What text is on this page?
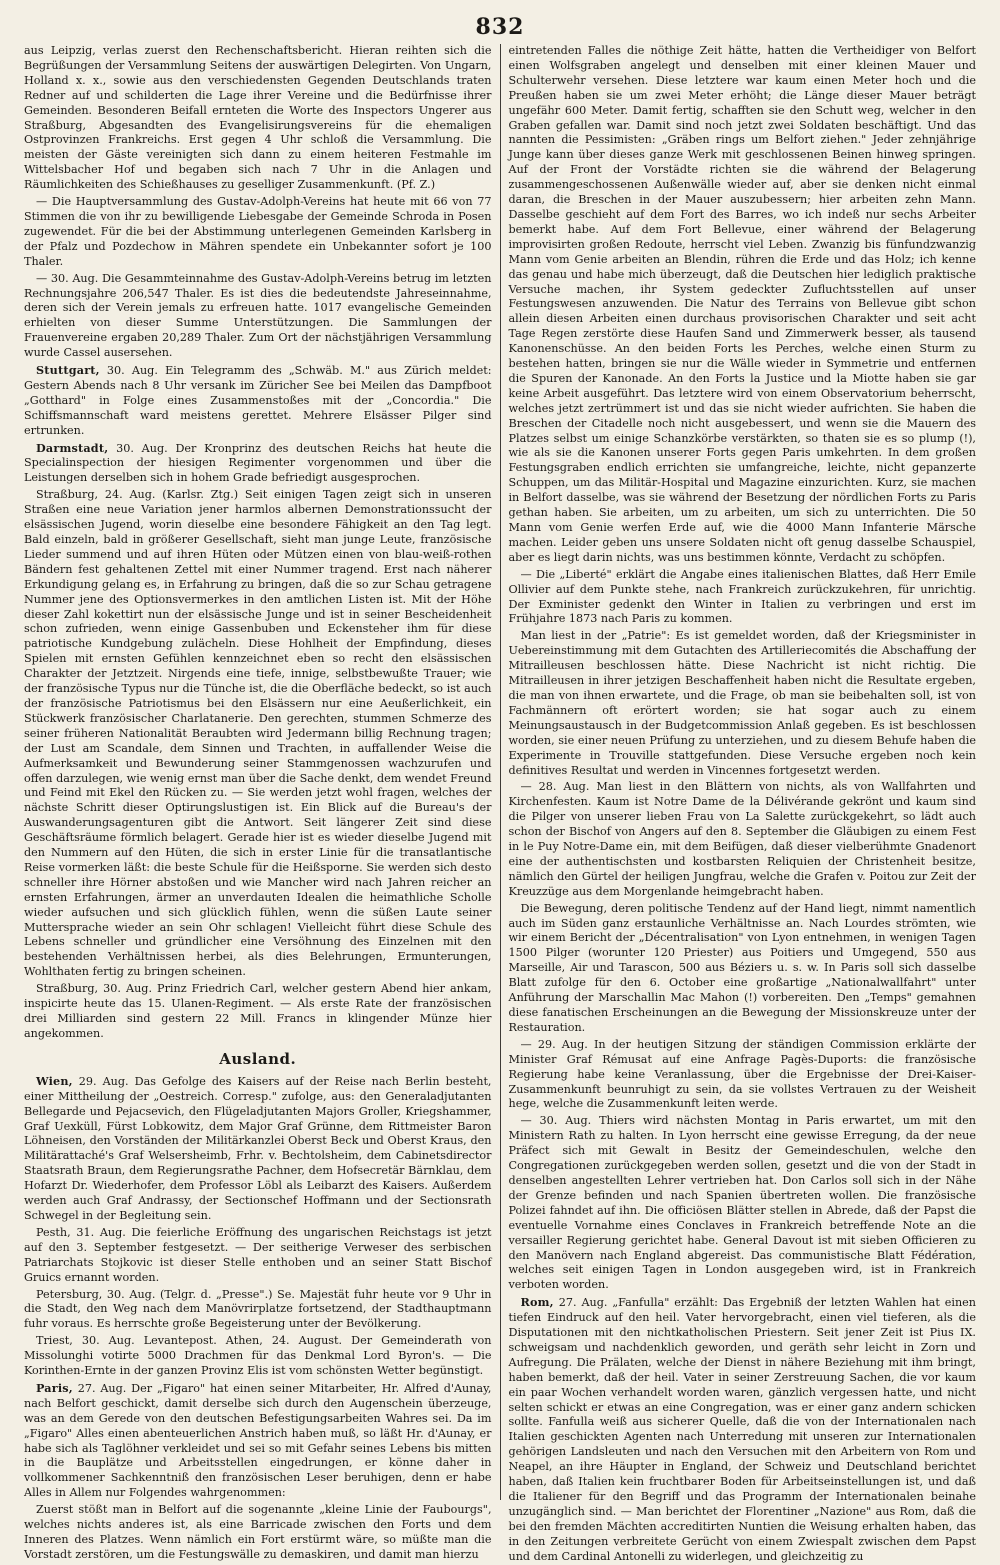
832

aus Leipzig, verlas zuerst den Rechenschaftsbericht. Hieran reihten sich die Begrüßungen der Versammlung Seitens der auswärtigen Delegirten. Von Ungarn, Holland x. x., sowie aus den verschiedensten Gegenden Deutschlands traten Redner auf und schilderten die Lage ihrer Vereine und die Bedürfnisse ihrer Gemeinden. Besonderen Beifall ernteten die Worte des Inspectors Ungerer aus Straßburg, Abgesandten des Evangelisirungsvereins für die ehemaligen Ostprovinzen Frankreichs. Erst gegen 4 Uhr schloß die Versammlung. Die meisten der Gäste vereinigten sich dann zu einem heiteren Festmahle im Wittelsbacher Hof und begaben sich nach 7 Uhr in die Anlagen und Räumlichkeiten des Schießhauses zu geselliger Zusammenkunft. (Pf. Z.)

— Die Hauptversammlung des Gustav-Adolph-Vereins hat heute mit 66 von 77 Stimmen die von ihr zu bewilligende Liebesgabe der Gemeinde Schroda in Posen zugewendet. Für die bei der Abstimmung unterlegenen Gemeinden Karlsberg in der Pfalz und Pozdechow in Mähren spendete ein Unbekannter sofort je 100 Thaler.

— 30. Aug. Die Gesammteinnahme des Gustav-Adolph-Vereins betrug im letzten Rechnungsjahre 206,547 Thaler. Es ist dies die bedeutendste Jahreseinnahme, deren sich der Verein jemals zu erfreuen hatte. 1017 evangelische Gemeinden erhielten von dieser Summe Unterstützungen. Die Sammlungen der Frauenvereine ergaben 20,289 Thaler. Zum Ort der nächstjährigen Versammlung wurde Cassel ausersehen.

Stuttgart, 30. Aug. Ein Telegramm des „Schwäb. M." aus Zürich meldet: Gestern Abends nach 8 Uhr versank im Züricher See bei Meilen das Dampfboot „Gotthard" in Folge eines Zusammenstoßes mit der „Concordia." Die Schiffsmannschaft ward meistens gerettet. Mehrere Elsässer Pilger sind ertrunken.

Darmstadt, 30. Aug. Der Kronprinz des deutschen Reichs hat heute die Specialinspection der hiesigen Regimenter vorgenommen und über die Leistungen derselben sich in hohem Grade befriedigt ausgesprochen.

Straßburg, 24. Aug. (Karlsr. Ztg.) Seit einigen Tagen zeigt sich in unseren Straßen eine neue Variation jener harmlos albernen Demonstrationssucht der elsässischen Jugend, worin dieselbe eine besondere Fähigkeit an den Tag legt. Bald einzeln, bald in größerer Gesellschaft, sieht man junge Leute, französische Lieder summend und auf ihren Hüten oder Mützen einen von blau-weiß-rothen Bändern fest gehaltenen Zettel mit einer Nummer tragend. Erst nach näherer Erkundigung gelang es, in Erfahrung zu bringen, daß die so zur Schau getragene Nummer jene des Optionsvermerkes in den amtlichen Listen ist. Mit der Höhe dieser Zahl kokettirt nun der elsässische Junge und ist in seiner Bescheidenheit schon zufrieden, wenn einige Gassenbuben und Eckensteher ihm für diese patriotische Kundgebung zulächeln. Diese Hohlheit der Empfindung, dieses Spielen mit ernsten Gefühlen kennzeichnet eben so recht den elsässischen Charakter der Jetztzeit. Nirgends eine tiefe, innige, selbstbewußte Trauer; wie der französische Typus nur die Tünche ist, die die Oberfläche bedeckt, so ist auch der französische Patriotismus bei den Elsässern nur eine Aeußerlichkeit, ein Stückwerk französischer Charlatanerie. Den gerechten, stummen Schmerze des seiner früheren Nationalität Beraubten wird Jedermann billig Rechnung tragen; der Lust am Scandale, dem Sinnen und Trachten, in auffallender Weise die Aufmerksamkeit und Bewunderung seiner Stammgenossen wachzurufen und offen darzulegen, wie wenig ernst man über die Sache denkt, dem wendet Freund und Feind mit Ekel den Rücken zu. — Sie werden jetzt wohl fragen, welches der nächste Schritt dieser Optirungslustigen ist. Ein Blick auf die Bureau's der Auswanderungsagenturen gibt die Antwort. Seit längerer Zeit sind diese Geschäftsräume förmlich belagert. Gerade hier ist es wieder dieselbe Jugend mit den Nummern auf den Hüten, die sich in erster Linie für die transatlantische Reise vormerken läßt: die beste Schule für die Heißsporne. Sie werden sich desto schneller ihre Hörner abstoßen und wie Mancher wird nach Jahren reicher an ernsten Erfahrungen, ärmer an unverdauten Idealen die heimathliche Scholle wieder aufsuchen und sich glücklich fühlen, wenn die süßen Laute seiner Muttersprache wieder an sein Ohr schlagen! Vielleicht führt diese Schule des Lebens schneller und gründlicher eine Versöhnung des Einzelnen mit den bestehenden Verhältnissen herbei, als dies Belehrungen, Ermunterungen, Wohlthaten fertig zu bringen scheinen.

Straßburg, 30. Aug. Prinz Friedrich Carl, welcher gestern Abend hier ankam, inspicirte heute das 15. Ulanen-Regiment. — Als erste Rate der französischen drei Milliarden sind gestern 22 Mill. Francs in klingender Münze hier angekommen.

Ausland.

Wien, 29. Aug. Das Gefolge des Kaisers auf der Reise nach Berlin besteht, einer Mittheilung der „Oestreich. Corresp." zufolge, aus: den Generaladjutanten Bellegarde und Pejacsevich, den Flügeladjutanten Majors Groller, Kriegshammer, Graf Uexküll, Fürst Lobkowitz, dem Major Graf Grünne, dem Rittmeister Baron Löhneisen, den Vorständen der Militärkanzlei Oberst Beck und Oberst Kraus, den Militärattaché's Graf Welsersheimb, Frhr. v. Bechtolsheim, dem Cabinetsdirector Staatsrath Braun, dem Regierungsrathe Pachner, dem Hofsecretär Bärnklau, dem Hofarzt Dr. Wiederhofer, dem Professor Löbl als Leibarzt des Kaisers. Außerdem werden auch Graf Andrassy, der Sectionschef Hoffmann und der Sectionsrath Schwegel in der Begleitung sein.

Pesth, 31. Aug. Die feierliche Eröffnung des ungarischen Reichstags ist jetzt auf den 3. September festgesetzt. — Der seitherige Verweser des serbischen Patriarchats Stojkovic ist dieser Stelle enthoben und an seiner Statt Bischof Gruics ernannt worden.

Petersburg, 30. Aug. (Telgr. d. „Presse".) Se. Majestät fuhr heute vor 9 Uhr in die Stadt, den Weg nach dem Manövrirplatze fortsetzend, der Stadthauptmann fuhr voraus. Es herrschte große Begeisterung unter der Bevölkerung.

Triest, 30. Aug. Levantepost. Athen, 24. August. Der Gemeinderath von Missolunghi votirte 5000 Drachmen für das Denkmal Lord Byron's. — Die Korinthen-Ernte in der ganzen Provinz Elis ist vom schönsten Wetter begünstigt.

Paris, 27. Aug. Der „Figaro" hat einen seiner Mitarbeiter, Hr. Alfred d'Aunay, nach Belfort geschickt, damit derselbe sich durch den Augenschein überzeuge, was an dem Gerede von den deutschen Befestigungsarbeiten Wahres sei. Da im „Figaro" Alles einen abenteuerlichen Anstrich haben muß, so läßt Hr. d'Aunay, er habe sich als Taglöhner verkleidet und sei so mit Gefahr seines Lebens bis mitten in die Bauplätze und Arbeitsstellen eingedrungen, er könne daher in vollkommener Sachkenntniß den französischen Leser beruhigen, denn er habe Alles in Allem nur Folgendes wahrgenommen:

Zuerst stößt man in Belfort auf die sogenannte „kleine Linie der Faubourgs", welches nichts anderes ist, als eine Barricade zwischen den Forts und dem Inneren des Platzes. Wenn nämlich ein Fort erstürmt wäre, so müßte man die Vorstadt zerstören, um die Festungswälle zu demaskiren, und damit man hierzu

eintretenden Falles die nöthige Zeit hätte, hatten die Vertheidiger von Belfort einen Wolfsgraben angelegt und denselben mit einer kleinen Mauer und Schulterwehr versehen. Diese letztere war kaum einen Meter hoch und die Preußen haben sie um zwei Meter erhöht; die Länge dieser Mauer beträgt ungefähr 600 Meter. Damit fertig, schafften sie den Schutt weg, welcher in den Graben gefallen war. Damit sind noch jetzt zwei Soldaten beschäftigt. Und das nannten die Pessimisten: „Gräben rings um Belfort ziehen." Jeder zehnjährige Junge kann über dieses ganze Werk mit geschlossenen Beinen hinweg springen. Auf der Front der Vorstädte richten sie die während der Belagerung zusammengeschossenen Außenwälle wieder auf, aber sie denken nicht einmal daran, die Breschen in der Mauer auszubessern; hier arbeiten zehn Mann. Dasselbe geschieht auf dem Fort des Barres, wo ich indeß nur sechs Arbeiter bemerkt habe. Auf dem Fort Bellevue, einer während der Belagerung improvisirten großen Redoute, herrscht viel Leben. Zwanzig bis fünfundzwanzig Mann vom Genie arbeiten an Blendin, rühren die Erde und das Holz; ich kenne das genau und habe mich überzeugt, daß die Deutschen hier lediglich praktische Versuche machen, ihr System gedeckter Zufluchtsstellen auf unser Festungswesen anzuwenden. Die Natur des Terrains von Bellevue gibt schon allein diesen Arbeiten einen durchaus provisorischen Charakter und seit acht Tage Regen zerstörte diese Haufen Sand und Zimmerwerk besser, als tausend Kanonenschüsse. An den beiden Forts les Perches, welche einen Sturm zu bestehen hatten, bringen sie nur die Wälle wieder in Symmetrie und entfernen die Spuren der Kanonade. An den Forts la Justice und la Miotte haben sie gar keine Arbeit ausgeführt. Das letztere wird von einem Observatorium beherrscht, welches jetzt zertrümmert ist und das sie nicht wieder aufrichten. Sie haben die Breschen der Citadelle noch nicht ausgebessert, und wenn sie die Mauern des Platzes selbst um einige Schanzkörbe verstärkten, so thaten sie es so plump (!), wie als sie die Kanonen unserer Forts gegen Paris umkehrten. In dem großen Festungsgraben endlich errichten sie umfangreiche, leichte, nicht gepanzerte Schuppen, um das Militär-Hospital und Magazine einzurichten. Kurz, sie machen in Belfort dasselbe, was sie während der Besetzung der nördlichen Forts zu Paris gethan haben. Sie arbeiten, um zu arbeiten, um sich zu unterrichten. Die 50 Mann vom Genie werfen Erde auf, wie die 4000 Mann Infanterie Märsche machen. Leider geben uns unsere Soldaten nicht oft genug dasselbe Schauspiel, aber es liegt darin nichts, was uns bestimmen könnte, Verdacht zu schöpfen.

— Die „Liberté" erklärt die Angabe eines italienischen Blattes, daß Herr Emile Ollivier auf dem Punkte stehe, nach Frankreich zurückzukehren, für unrichtig. Der Exminister gedenkt den Winter in Italien zu verbringen und erst im Frühjahre 1873 nach Paris zu kommen.

Man liest in der „Patrie": Es ist gemeldet worden, daß der Kriegsminister in Uebereinstimmung mit dem Gutachten des Artilleriecomités die Abschaffung der Mitrailleusen beschlossen hätte. Diese Nachricht ist nicht richtig. Die Mitrailleusen in ihrer jetzigen Beschaffenheit haben nicht die Resultate ergeben, die man von ihnen erwartete, und die Frage, ob man sie beibehalten soll, ist von Fachmännern oft erörtert worden; sie hat sogar auch zu einem Meinungsaustausch in der Budgetcommission Anlaß gegeben. Es ist beschlossen worden, sie einer neuen Prüfung zu unterziehen, und zu diesem Behufe haben die Experimente in Trouville stattgefunden. Diese Versuche ergeben noch kein definitives Resultat und werden in Vincennes fortgesetzt werden.

— 28. Aug. Man liest in den Blättern von nichts, als von Wallfahrten und Kirchenfesten. Kaum ist Notre Dame de la Délivérande gekrönt und kaum sind die Pilger von unserer lieben Frau von La Salette zurückgekehrt, so lädt auch schon der Bischof von Angers auf den 8. September die Gläubigen zu einem Fest in le Puy Notre-Dame ein, mit dem Beifügen, daß dieser vielberühmte Gnadenort eine der authentischsten und kostbarsten Reliquien der Christenheit besitze, nämlich den Gürtel der heiligen Jungfrau, welche die Grafen v. Poitou zur Zeit der Kreuzzüge aus dem Morgenlande heimgebracht haben.

Die Bewegung, deren politische Tendenz auf der Hand liegt, nimmt namentlich auch im Süden ganz erstaunliche Verhältnisse an. Nach Lourdes strömten, wie wir einem Bericht der „Décentralisation" von Lyon entnehmen, in wenigen Tagen 1500 Pilger (worunter 120 Priester) aus Poitiers und Umgegend, 550 aus Marseille, Air und Tarascon, 500 aus Béziers u. s. w. In Paris soll sich dasselbe Blatt zufolge für den 6. October eine großartige „Nationalwallfahrt" unter Anführung der Marschallin Mac Mahon (!) vorbereiten. Den „Temps" gemahnen diese fanatischen Erscheinungen an die Bewegung der Missionskreuze unter der Restauration.

— 29. Aug. In der heutigen Sitzung der ständigen Commission erklärte der Minister Graf Rémusat auf eine Anfrage Pagès-Duports: die französische Regierung habe keine Veranlassung, über die Ergebnisse der Drei-Kaiser-Zusammenkunft beunruhigt zu sein, da sie vollstes Vertrauen zu der Weisheit hege, welche die Zusammenkunft leiten werde.

— 30. Aug. Thiers wird nächsten Montag in Paris erwartet, um mit den Ministern Rath zu halten. In Lyon herrscht eine gewisse Erregung, da der neue Präfect sich mit Gewalt in Besitz der Gemeindeschulen, welche den Congregationen zurückgegeben werden sollen, gesetzt und die von der Stadt in denselben angestellten Lehrer vertrieben hat. Don Carlos soll sich in der Nähe der Grenze befinden und nach Spanien übertreten wollen. Die französische Polizei fahndet auf ihn. Die officiösen Blätter stellen in Abrede, daß der Papst die eventuelle Vornahme eines Conclaves in Frankreich betreffende Note an die versailler Regierung gerichtet habe. General Davout ist mit sieben Officieren zu den Manövern nach England abgereist. Das communistische Blatt Fédération, welches seit einigen Tagen in London ausgegeben wird, ist in Frankreich verboten worden.

Rom, 27. Aug. „Fanfulla" erzählt: Das Ergebniß der letzten Wahlen hat einen tiefen Eindruck auf den heil. Vater hervorgebracht, einen viel tieferen, als die Disputationen mit den nichtkatholischen Priestern. Seit jener Zeit ist Pius IX. schweigsam und nachdenklich geworden, und geräth sehr leicht in Zorn und Aufregung. Die Prälaten, welche der Dienst in nähere Beziehung mit ihm bringt, haben bemerkt, daß der heil. Vater in seiner Zerstreuung Sachen, die vor kaum ein paar Wochen verhandelt worden waren, gänzlich vergessen hatte, und nicht selten schickt er etwas an eine Congregation, was er einer ganz andern schicken sollte. Fanfulla weiß aus sicherer Quelle, daß die von der Internationalen nach Italien geschickten Agenten nach Unterredung mit unseren zur Internationalen gehörigen Landsleuten und nach den Versuchen mit den Arbeitern von Rom und Neapel, an ihre Häupter in England, der Schweiz und Deutschland berichtet haben, daß Italien kein fruchtbarer Boden für Arbeitseinstellungen ist, und daß die Italiener für den Begriff und das Programm der Internationalen beinahe unzugänglich sind. — Man berichtet der Florentiner „Nazione" aus Rom, daß die bei den fremden Mächten accreditirten Nuntien die Weisung erhalten haben, das in den Zeitungen verbreitete Gerücht von einem Zwiespalt zwischen dem Papst und dem Cardinal Antonelli zu widerlegen, und gleichzeitig zu
